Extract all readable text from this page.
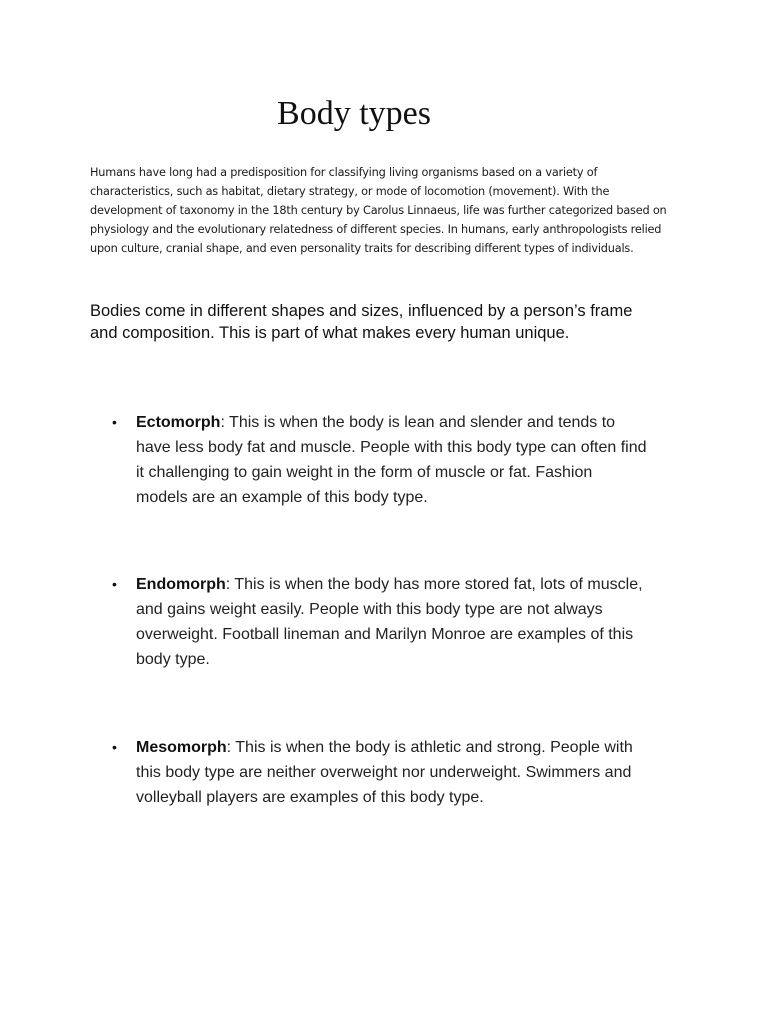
Body types
Humans have long had a predisposition for classifying living organisms based on a variety of
characteristics, such as habitat, dietary strategy, or mode of locomotion (movement). With the
development of taxonomy in the 18th century by Carolus Linnaeus, life was further categorized based on
physiology and the evolutionary relatedness of different species. In humans, early anthropologists relied
upon culture, cranial shape, and even personality traits for describing different types of individuals.
Bodies come in different shapes and sizes, influenced by a person’s frame
and composition. This is part of what makes every human unique.
• Ectomorph: This is when the body is lean and slender and tends to
have less body fat and muscle. People with this body type can often find
it challenging to gain weight in the form of muscle or fat. Fashion
models are an example of this body type.
• Endomorph: This is when the body has more stored fat, lots of muscle,
and gains weight easily. People with this body type are not always
overweight. Football lineman and Marilyn Monroe are examples of this
body type.
• Mesomorph: This is when the body is athletic and strong. People with
this body type are neither overweight nor underweight. Swimmers and
volleyball players are examples of this body type.
